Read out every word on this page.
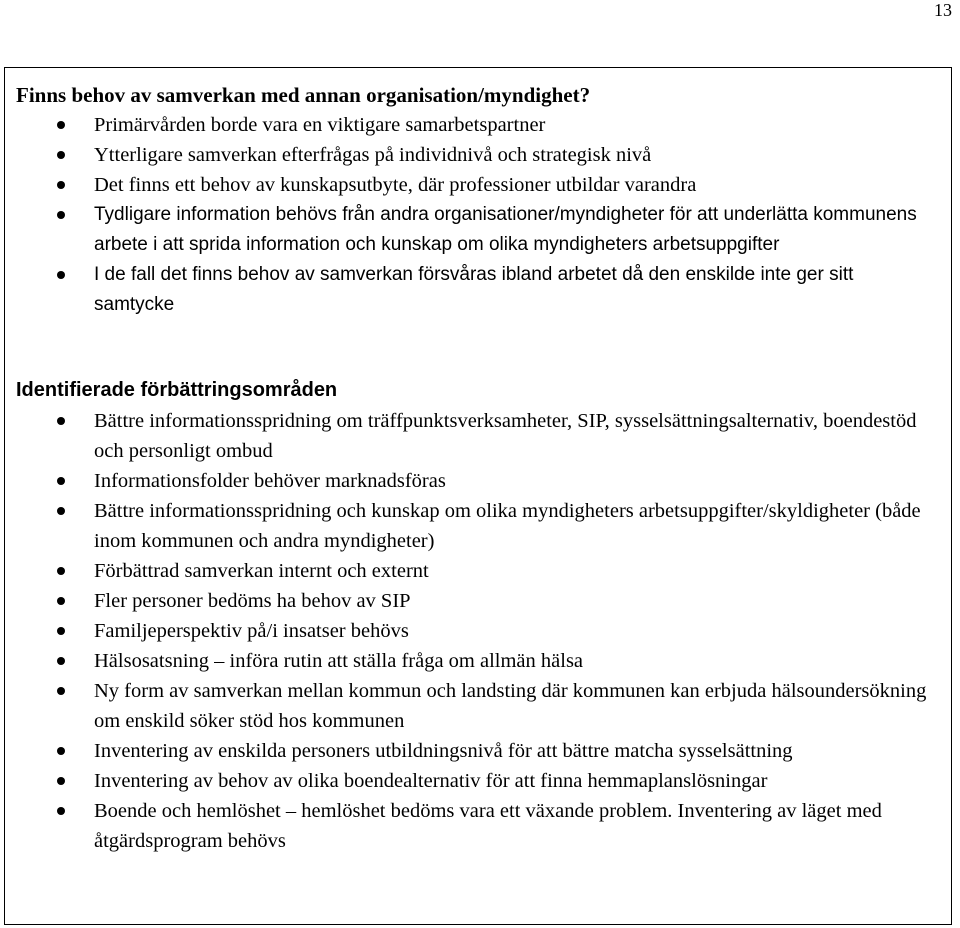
13
Finns behov av samverkan med annan organisation/myndighet?
Primärvården borde vara en viktigare samarbetspartner
Ytterligare samverkan efterfrågas på individnivå och strategisk nivå
Det finns ett behov av kunskapsutbyte, där professioner utbildar varandra
Tydligare information behövs från andra organisationer/myndigheter för att underlätta kommunens arbete i att sprida information och kunskap om olika myndigheters arbetsuppgifter
I de fall det finns behov av samverkan försvåras ibland arbetet då den enskilde inte ger sitt samtycke
Identifierade förbättringsområden
Bättre informationsspridning om träffpunktsverksamheter, SIP, sysselsättningsalternativ, boendestöd och personligt ombud
Informationsfolder behöver marknadsföras
Bättre informationsspridning och kunskap om olika myndigheters arbetsuppgifter/skyldigheter (både inom kommunen och andra myndigheter)
Förbättrad samverkan internt och externt
Fler personer bedöms ha behov av SIP
Familjeperspektiv på/i insatser behövs
Hälsosatsning – införa rutin att ställa fråga om allmän hälsa
Ny form av samverkan mellan kommun och landsting där kommunen kan erbjuda hälsoundersökning om enskild söker stöd hos kommunen
Inventering av enskilda personers utbildningsnivå för att bättre matcha sysselsättning
Inventering av behov av olika boendealternativ för att finna hemmaplanslösningar
Boende och hemlöshet – hemlöshet bedöms vara ett växande problem. Inventering av läget med åtgärdsprogram behövs
